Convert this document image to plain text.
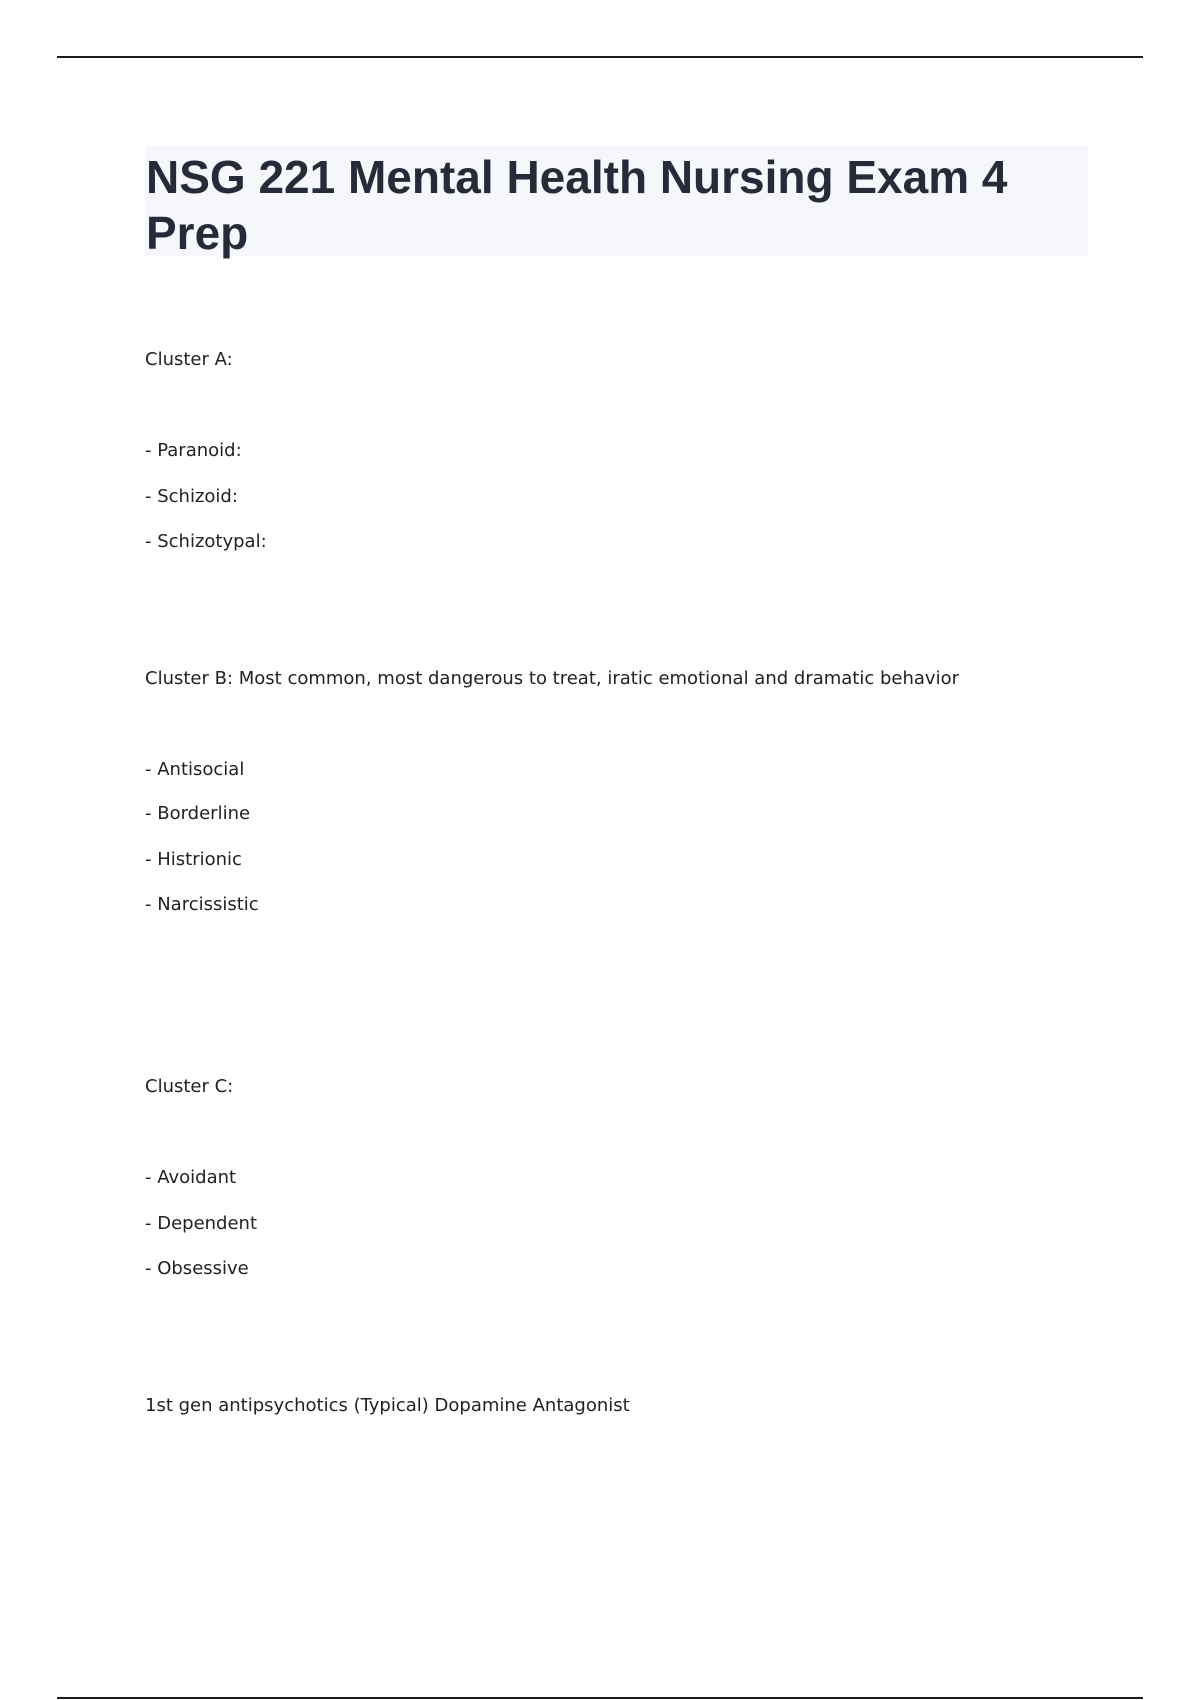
NSG 221 Mental Health Nursing Exam 4 Prep

Cluster A:

- Paranoid:

- Schizoid:

- Schizotypal:

Cluster B: Most common, most dangerous to treat, iratic emotional and dramatic behavior

- Antisocial

- Borderline

- Histrionic

- Narcissistic

Cluster C:

- Avoidant

- Dependent

- Obsessive

1st gen antipsychotics (Typical) Dopamine Antagonist
